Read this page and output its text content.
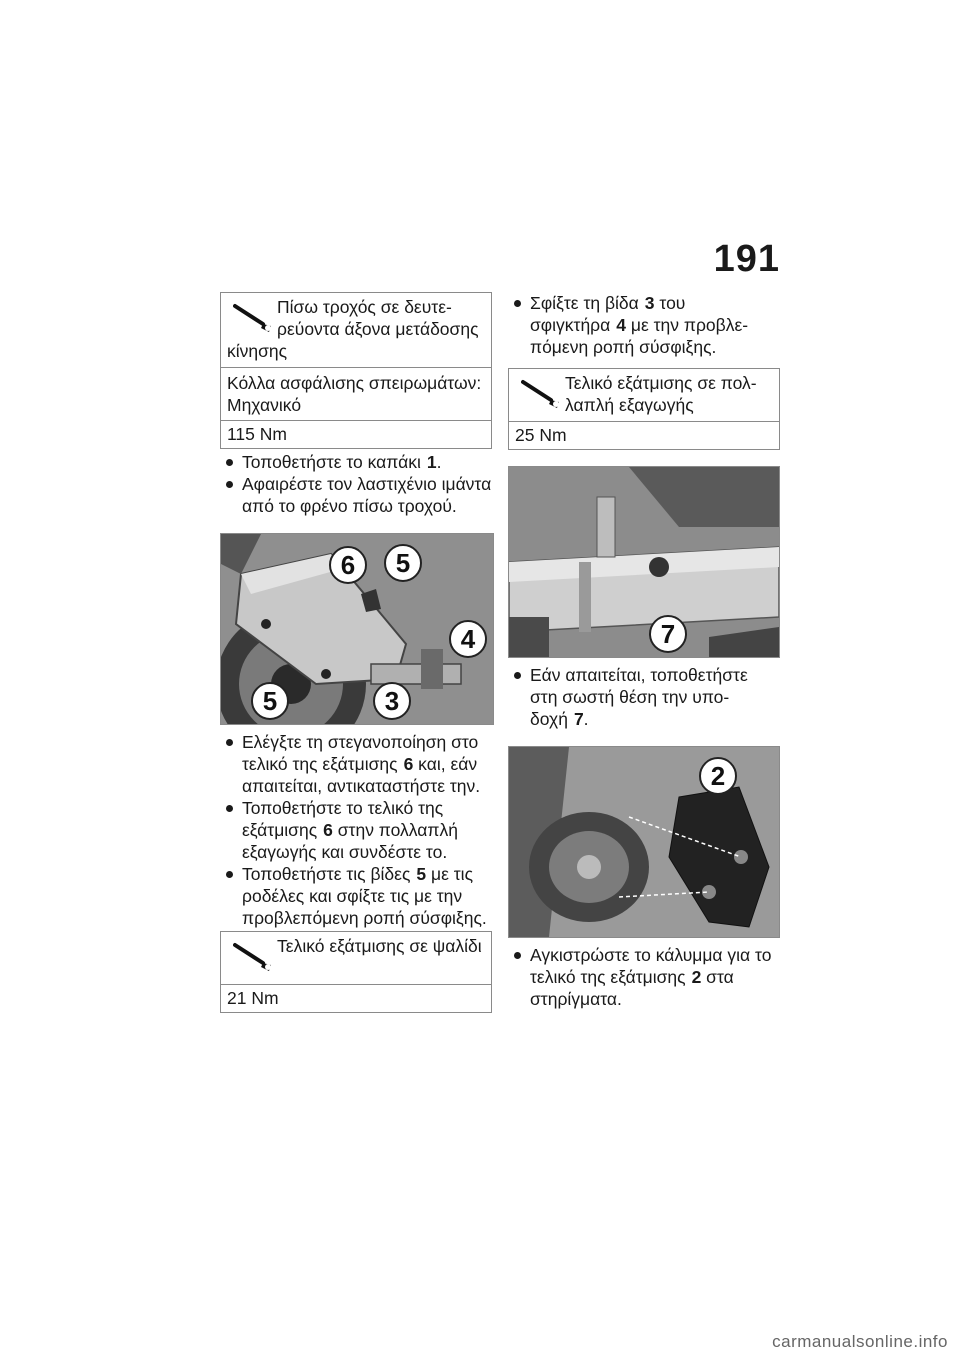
191
Πίσω τροχός σε δευτερεύοντα άξονα μετάδοσης κίνησης
Κόλλα ασφάλισης σπειρωμάτων: Μηχανικό
115 Nm
Τοποθετήστε το καπάκι 1.
Αφαιρέστε τον λαστιχένιο ιμάντα από το φρένο πίσω τροχού.
6	5
4
5	3
Ελέγξτε τη στεγανοποίηση στο τελικό της εξάτμισης 6 και, εάν απαιτείται, αντικαταστήστε την.
Τοποθετήστε το τελικό της εξάτμισης 6 στην πολλαπλή εξαγωγής και συνδέστε το.
Τοποθετήστε τις βίδες 5 με τις ροδέλες και σφίξτε τις με την προβλεπόμενη ροπή σύσφιξης.
Τελικό εξάτμισης σε ψαλίδι
21 Nm
Σφίξτε τη βίδα 3 του σφιγκτήρα 4 με την προβλεπόμενη ροπή σύσφιξης.
Τελικό εξάτμισης σε πολλαπλή εξαγωγής
25 Nm
7
Εάν απαιτείται, τοποθετήστε στη σωστή θέση την υποδοχή 7.
2
Αγκιστρώστε το κάλυμμα για το τελικό της εξάτμισης 2 στα στηρίγματα.
carmanualsonline.info
